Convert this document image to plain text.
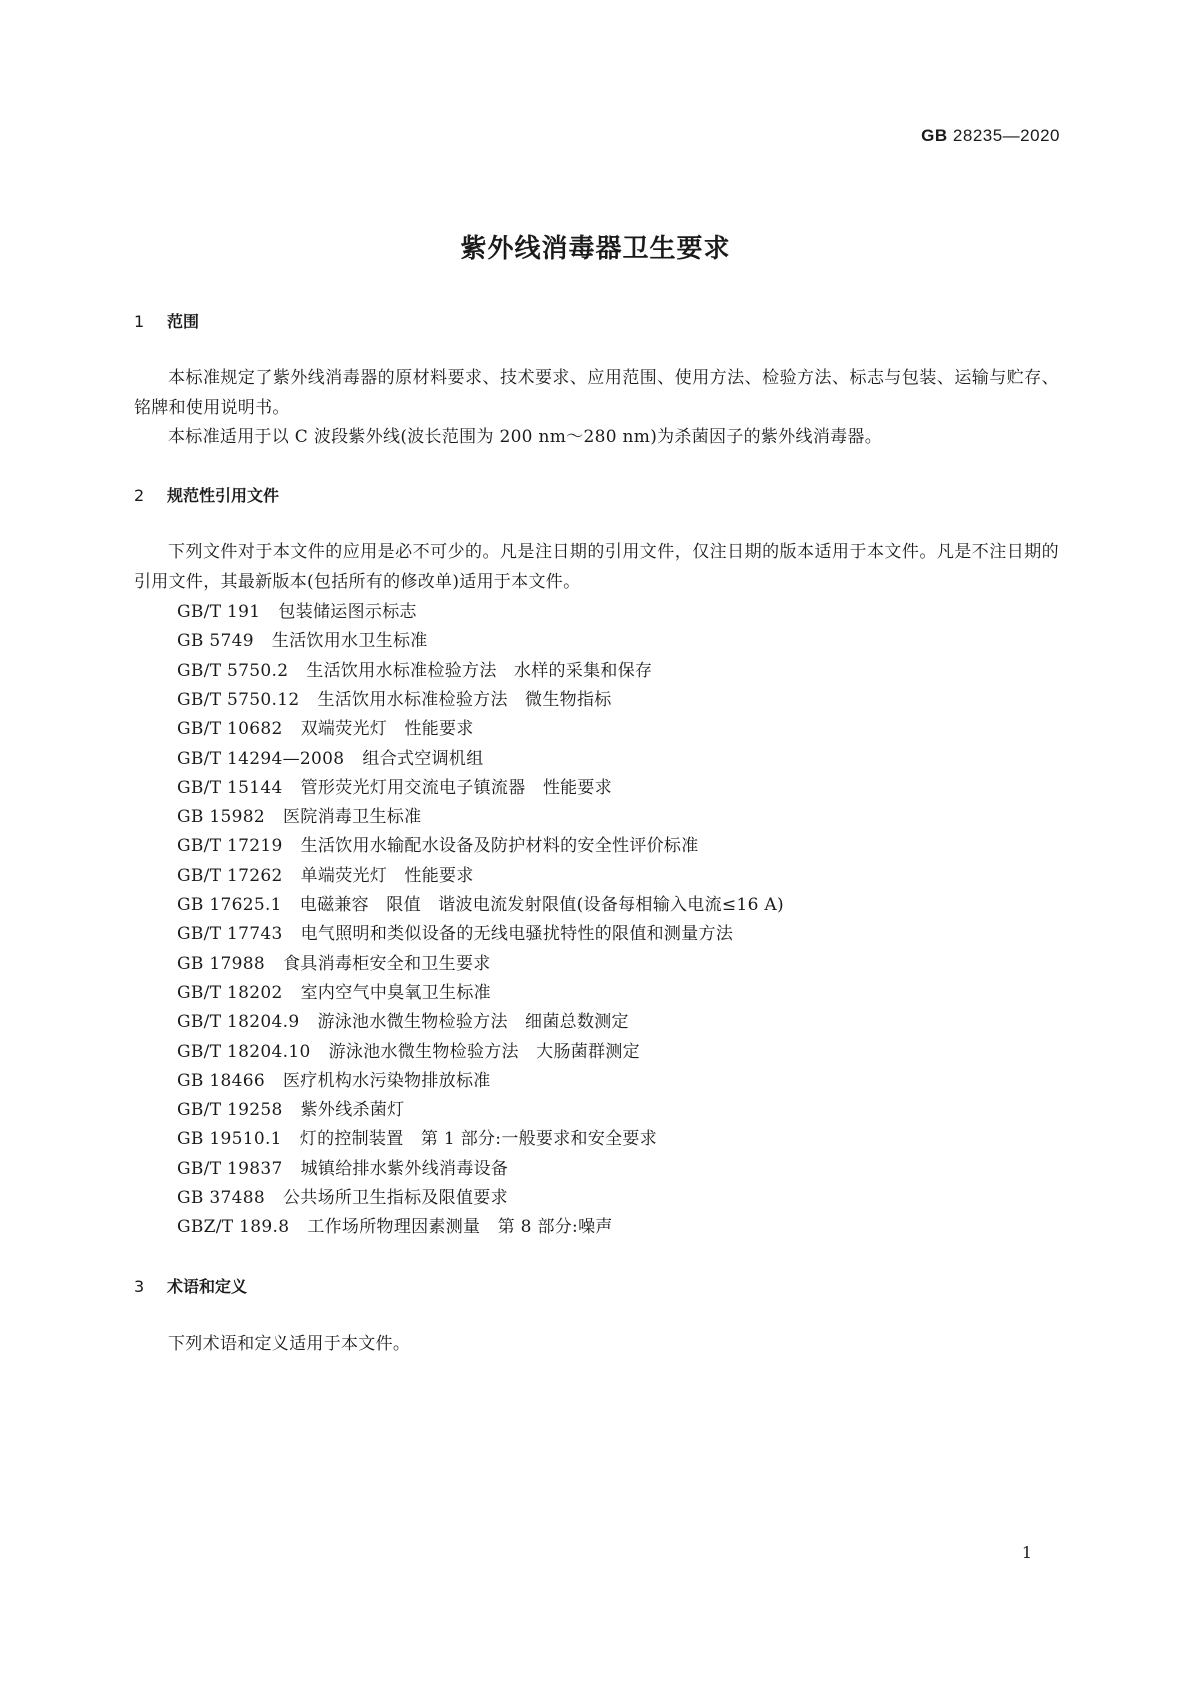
GB 28235—2020
紫外线消毒器卫生要求
1 范围
本标准规定了紫外线消毒器的原材料要求、技术要求、应用范围、使用方法、检验方法、标志与包装、运输与贮存、铭牌和使用说明书。
本标准适用于以 C 波段紫外线(波长范围为 200 nm～280 nm)为杀菌因子的紫外线消毒器。
2 规范性引用文件
下列文件对于本文件的应用是必不可少的。凡是注日期的引用文件，仅注日期的版本适用于本文件。凡是不注日期的引用文件，其最新版本(包括所有的修改单)适用于本文件。
GB/T 191 包装储运图示标志
GB 5749 生活饮用水卫生标准
GB/T 5750.2 生活饮用水标准检验方法　水样的采集和保存
GB/T 5750.12 生活饮用水标准检验方法　微生物指标
GB/T 10682 双端荧光灯　性能要求
GB/T 14294—2008 组合式空调机组
GB/T 15144 管形荧光灯用交流电子镇流器　性能要求
GB 15982 医院消毒卫生标准
GB/T 17219 生活饮用水输配水设备及防护材料的安全性评价标准
GB/T 17262 单端荧光灯　性能要求
GB 17625.1 电磁兼容　限值　谐波电流发射限值(设备每相输入电流≤16 A)
GB/T 17743 电气照明和类似设备的无线电骚扰特性的限值和测量方法
GB 17988 食具消毒柜安全和卫生要求
GB/T 18202 室内空气中臭氧卫生标准
GB/T 18204.9 游泳池水微生物检验方法　细菌总数测定
GB/T 18204.10 游泳池水微生物检验方法　大肠菌群测定
GB 18466 医疗机构水污染物排放标准
GB/T 19258 紫外线杀菌灯
GB 19510.1 灯的控制装置　第 1 部分:一般要求和安全要求
GB/T 19837 城镇给排水紫外线消毒设备
GB 37488 公共场所卫生指标及限值要求
GBZ/T 189.8 工作场所物理因素测量　第 8 部分:噪声
3 术语和定义
下列术语和定义适用于本文件。
1
